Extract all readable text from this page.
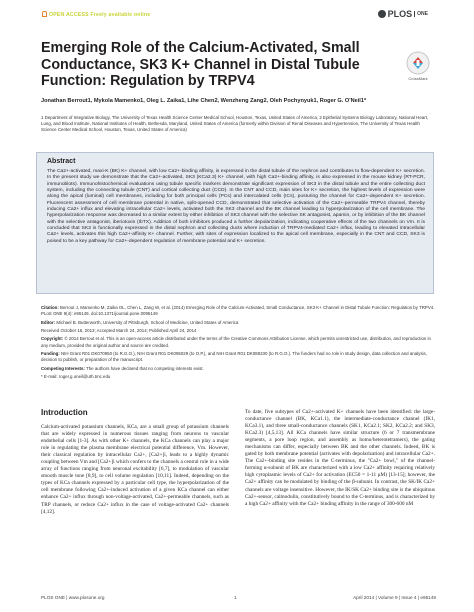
OPEN ACCESS Freely available online	PLOS $^{ONE}$
Emerging Role of the Calcium-Activated, Small Conductance, SK3 K+ Channel in Distal Tubule Function: Regulation by TRPV4	CrossMark
Jonathan Berrout1, Mykola Mamenko1, Oleg L. Zaika1, Lihe Chen2, Wenzheng Zang2, Oleh Pochynyuk1, Roger G. O'Neil1*
1 Department of Integrative Biology, The University of Texas Health Science Center Medical School, Houston, Texas, United States of America, 2 Epithelial Systems Biology Laboratory, National Heart, Lung, and Blood Institute, National Institutes of Health, Bethesda, Maryland, United States of America (formerly within Division of Renal Diseases and Hypertension, The University of Texas Health Science Center Medical School, Houston, Texas, United States of America)
Abstract
The Ca2+-activated, maxi-K (BK) K+ channel, with low Ca2+-binding affinity, is expressed in the distal tubule of the nephron and contributes to flow-dependent K+ secretion. In the present study we demonstrate that the Ca2+-activated, SK3 (KCa2.3) K+ channel, with high Ca2+-binding affinity, is also expressed in the mouse kidney (RT-PCR, immunoblots). Immunohistochemical evaluations using tubule specific markers demonstrate significant expression of SK3 in the distal tubule and the entire collecting duct system, including the connecting tubule (CNT) and cortical collecting duct (CCD). In the CNT and CCD, main sites for K+ secretion, the highest levels of expression were along the apical (luminal) cell membranes, including for both principal cells (PCs) and intercalated cells (ICs), posturing the channel for Ca2+-dependent K+ secretion. Fluorescent assessment of cell membrane potential in native, split-opened CCD, demonstrated that selective activation of the Ca2+-permeable TRPV4 channel, thereby inducing Ca2+ influx and elevating intracellular Ca2+ levels, activated both the SK3 channel and the BK channel leading to hyperpolarization of the cell membrane. The hyperpolarization response was decreased to a similar extent by either inhibition of SK3 channel with the selective SK antagonist, apamin, or by inhibition of the BK channel with the selective antagonist, iberiotoxin (IbTX). Addition of both inhibitors produced a further depolarization, indicating cooperative effects of the two channels on Vm. It is concluded that SK3 is functionally expressed in the distal nephron and collecting ducts where induction of TRPV4-mediated Ca2+ influx, leading to elevated intracellular Ca2+ levels, activates this high Ca2+-affinity K+ channel. Further, with sites of expression localized to the apical cell membrane, especially in the CNT and CCD, SK3 is poised to be a key pathway for Ca2+-dependent regulation of membrane potential and K+ secretion.
Citation: Berrout J, Mamenko M, Zaika OL, Chen L, Zang W, et al. (2014) Emerging Role of the Calcium-Activated, Small Conductance, SK3 K+ Channel in Distal Tubule Function: Regulation by TRPV4. PLoS ONE 9(4): e95149. doi:10.1371/journal.pone.0095149
Editor: Michael B. Butterworth, University of Pittsburgh, School of Medicine, United States of America
Received October 16, 2013; Accepted March 24, 2014; Published April 24, 2014
Copyright: © 2014 Berrout et al. This is an open-access article distributed under the terms of the Creative Commons Attribution License, which permits unrestricted use, distribution, and reproduction in any medium, provided the original author and source are credited.
Funding: NIH Grant R01 DK070950 (to R.G.O.), NIH Grant R01 DK095029 (to O.P.), and NIH Grant R01 DK088230 (to R.G.O.). The funders had no role in study design, data collection and analysis, decision to publish, or preparation of the manuscript.
Competing Interests: The authors have declared that no competing interests exist.
* E-mail: roger.g.oneil@uth.tmc.edu
Introduction
Calcium-activated potassium channels, KCa, are a small group of potassium channels that are widely expressed in numerous tissues ranging from neurons to vascular endothelial cells [1-3]. As with other K+ channels, the KCa channels can play a major role in regulating the plasma membrane electrical potential difference, Vm. However, their classical regulation by intracellular Ca2+, [Ca2+]i, leads to a highly dynamic coupling between Vm and [Ca2+]i which confers to the channels a central role in a wide array of functions ranging from neuronal excitability [6,7], to modulation of vascular smooth muscle tone [8,9], to cell volume regulation [10,11]. Indeed, depending on the types of KCa channels expressed by a particular cell type, the hyperpolarization of the cell membrane following Ca2+-induced activation of a given KCa channel can either enhance Ca2+ influx through non-voltage-activated, Ca2+-permeable channels, such as TRP channels, or reduce Ca2+ influx in the case of voltage-activated Ca2+ channels [4,12].
To date, five subtypes of Ca2+-activated K+ channels have been identified: the large-conductance channel (BK, KCa1.1), the intermediate-conductance channel (IK1, KCa3.1), and three small-conductance channels (SK1, KCa2.1; SK2, KCa2.2; and SK3, KCa2.3) [4,5,13]. All KCa channels have similar structure (6 or 7 transmembrane segments, a pore loop region, and assembly as homo/heterotetramers), the gating mechanisms can differ, especially between BK and the other channels. Indeed, BK is gated by both membrane potential (activates with depolarization) and intracellular Ca2+. The Ca2+-binding site resides in the C-terminus, the "Ca2+ bowl," of the channel-forming α-subunit of BK are characterized with a low Ca2+ affinity requiring relatively high cytoplasmic levels of Ca2+ for activation (EC50 = 1-11 μM) [13-15]; however, the Ca2+ affinity can be modulated by binding of the β-subunit. In contrast, the SK/IK Ca2+ channels are voltage insensitive. However, the IK/SK Ca2+ binding site is the ubiquitous Ca2+-sensor, calmodulin, constitutively bound to the C-terminus, and is characterized by a high Ca2+ affinity with the Ca2+ binding affinity in the range of 300-600 nM
PLOS ONE | www.plosone.org	1	April 2014 | Volume 9 | Issue 4 | e95149
